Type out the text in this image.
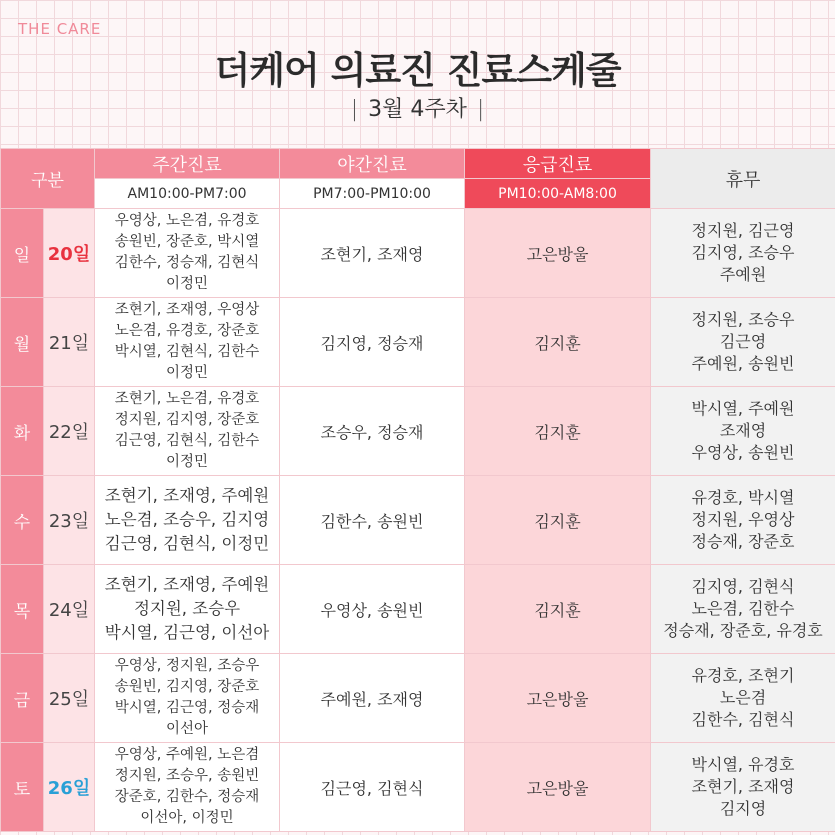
THE CARE
더케어 의료진 진료스케줄
| 3월 4주차 |
구분		주간진료	야간진료	응급진료	휴무
		AM10:00-PM7:00	PM7:00-PM10:00	PM10:00-AM8:00	
일	20일	우영상, 노은겸, 유경호
송원빈, 장준호, 박시열
김한수, 정승재, 김현식
이정민	조현기, 조재영	고은방울	정지원, 김근영
김지영, 조승우
주예원

월	21일	조현기, 조재영, 우영상
노은겸, 유경호, 장준호
박시열, 김현식, 김한수
이정민	김지영, 정승재	김지훈	정지원, 조승우
김근영
주예원, 송원빈

화	22일	조현기, 노은겸, 유경호
정지원, 김지영, 장준호
김근영, 김현식, 김한수
이정민	조승우, 정승재	김지훈	박시열, 주예원
조재영
우영상, 송원빈

수	23일	조현기, 조재영, 주예원
노은겸, 조승우, 김지영
김근영, 김현식, 이정민	김한수, 송원빈	김지훈	유경호, 박시열
정지원, 우영상
정승재, 장준호

목	24일	조현기, 조재영, 주예원
정지원, 조승우
박시열, 김근영, 이선아	우영상, 송원빈	김지훈	김지영, 김현식
노은겸, 김한수
정승재, 장준호, 유경호

금	25일	우영상, 정지원, 조승우
송원빈, 김지영, 장준호
박시열, 김근영, 정승재
이선아	주예원, 조재영	고은방울	유경호, 조현기
노은겸
김한수, 김현식

토	26일	우영상, 주예원, 노은겸
정지원, 조승우, 송원빈
장준호, 김한수, 정승재
이선아, 이정민	김근영, 김현식	고은방울	박시열, 유경호
조현기, 조재영
김지영
